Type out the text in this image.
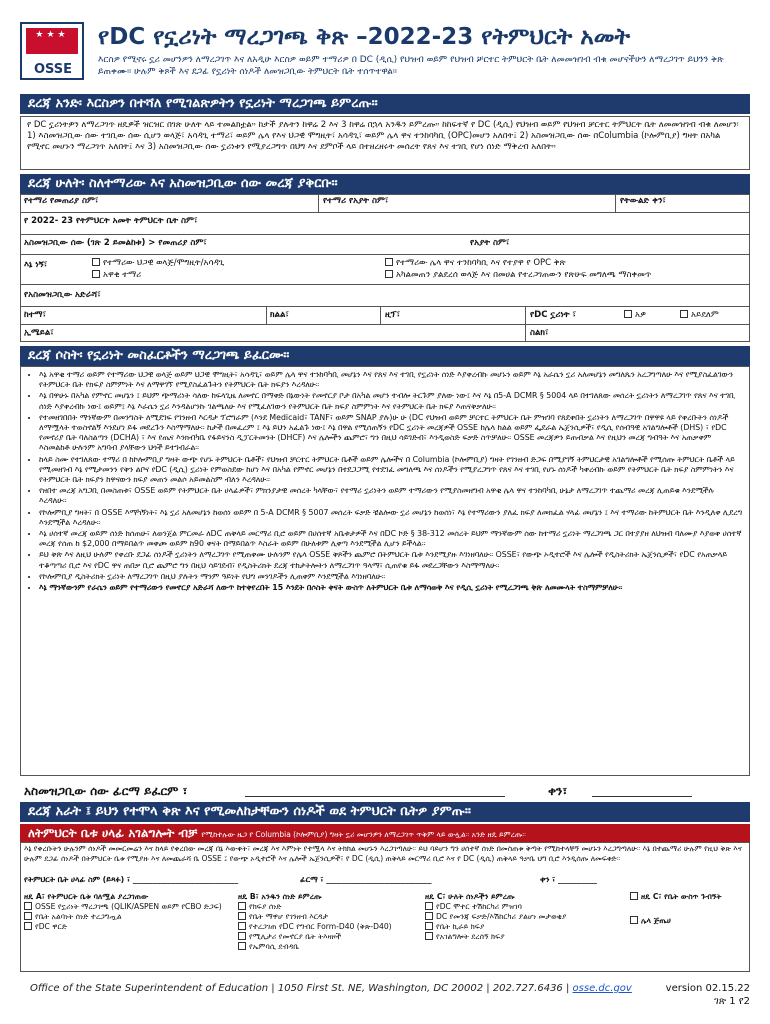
★★★
OSSE
የDC የኗሪነት ማረጋገጫ ቅጽ –2022-23 የትምህርት አመት
እርስዎ የሚኖሩ ኗሪ መሆንዎን ለማረጋገጥ እና ለአዲሁ እርስዎ ወይም ተማሪዎ በ DC (ዲሲ) የህዝብ ወይም የህዝብ ቻርተር ትምህርት ቤት ለመመዝገብ ብቁ መሆናችሁን ለማረጋገጥ ይህንን ቅጽ ይጠቀሙ። ሁሉም ቅጾች እና ደጋፊ የኗሪነት ሰነዶች ለመዝጋቢው ትምህርት ቤት ተሰጥተዋል።
ደረጃ አንድ፡ እርስዎን በተሻለ የሚገልጽዎትን የኗሪነት ማረጋገጫ ይምረጡ።
የ DC ኗሪነትዎን ለማረጋገጥ ዘዴዎች ዝርዝር በገጽ ሁለት ላይ ተመልክቷል። ከታች ያሉትን ከዋሬ 2 እና 3 ከዋሬ በኋላ አንዱን ይምረጡ። ከከፍተኛ የ DC (ዲሲ) የህዝብ ወይም የህዝብ ቻርተር ትምህርት ቤት ለመመዝገብ ብቁ ለመሆን፡ 1) እስመዝጋቢው ሰው ተገቢው ሰው ሲሆን ወላጅ፣ አሳዳጊ ተማሪ፣ ወይም ሌላ የእና ህጋዊ ሞግዚት፣ አሳዳጊ፣ ወይም ሌላ ዋና ተንከባካቢ (OPC)መሆን አለበት፤ 2) አስመዝጋቢው ሰው በColumbia (ኮሎምቢያ) ግዛት በአካል የሚኖር መሆኑን ማረጋገጥ አለበት፤ እና 3) አስመዝጋቢው ሰው ኗሪነቱን የሚያረጋግጥ በህግ እና ደምቦች ላይ በተዘረዘሩት መሰረት የጸና እና ተገቢ የሆነ ሰነድ ማቅረብ አለበት።
ደረጃ ሁለት፡ ስለተማሪው እና አስመዝጋቢው ሰው መረጃ ያቅርቡ።
የተማሪ የመጠሪያ ስም፣	የተማሪ የአያት ስም፣	የትውልድ ቀን፣
የ 2022- 23 የትምህርት አመት ትምህርት ቤት ስም፣
አስመዝጋቢው ሰው (ገጽ 2 ይመልከቱ) > የመጠሪያ ስም፣	የአያት ስም፣
እኔ ነኝ፣	የተማሪው ህጋዊ ወላጅ/ሞግዚት/አሳዳጊ
አዋቂ ተማሪ
የተማሪው ሌላ ዋና ተንከባካቢ እና የተያዋ የ OPC ቅጽ
አካልመጠን ያልደረሰ ወላጅ እና በመሀል የተረጋገጠውን የጽሁፍ መግለጫ ማስቀመጥ
የአስመዝጋቢው አድራሻ፣
ከተማ፣	ክልል፣	ዚፕ፣	የDC ኗሪነት ፣	አዎ	አይደለም
ኢሜይል፣	ስልክ፣
ደረጃ ሶስት፡ የኗሪነት መስፈርቶችን ማረጋገጫ ይፈርሙ።
• እኔ አዋቂ ተማሪ ወይም የተማሪው ህጋዊ ወላጅ ወይም ህጋዊ ሞግዚት፣ አሳዳጊ፣ ወይም ሌላ ዋና ተንከባካቢ መሆኔን እና የጸና እና ተገቢ የኗሪነት ሰነድ እያቀረብኩ መሆኑን ወይም እኔ አራሴን ኗሪ አለመሆኔን መግለጼን አረጋግጣለሁ እና የሚያስፈልገውን የትምህርት ቤት የክፍያ ስምምነት እና ለማዋገኘ የሚያስፈልጉትን የትምህርት ቤት ክፍያን እረዳለሁ።
• እኔ በዋሁኑ በአካል የምኖር መሆኔን ፤ ይህም ጭማሪነት ሳለው ከፍላጊዜ ለመኖር በማቀድ በኔውነት የመኖርያ ቦታ በአካል መሆን ተብሎ ትርጉም ያለው ነው፤ እና እኔ በ5-A DCMR § 5004 ላይ በተገለጸው መሰረት ኗሪነትን ለማረጋገጥ የጸና እና ተገቢ ሰነድ እያቀረብኩ ነው፤ ወይም፤ እኔ እራሴን ኗሪ እንዳልሆንኩ ገልጫለሁ እና የሚፈለገውን የትምህርት ቤት ክፍያ ስምምነት እና የትምህርት ቤት ክፍያ እጠናቅቃለሁ።
• የተመዘገበበት ማንኛውም በመንግስት ለሚደገፍ የገንዘብ እርዳታ ፕሮግራም (እንደ Medicaid፣ TANF፣ ወይም SNAP ያሉ)ሁ ሁ (DC የህዝብ ወይም ቻርተር ትምህርት ቤት ምዝገባ የጸደቀበት ኗሪነትን ለማረጋገጥ በዋዋዩ ላይ የቀረቡትን ሰነዶች ለማሟላት ተወስኖልኝ እንደሆነ ይፋ መደረጉን እስማማለሁ። ከታች በመፈረም ፤ እኔ ይህን አፈልጉ ነው፤ እኔ በዋል የሚሰጠኝን የDC ኗሪነት መረጃዎች OSSE ከሌላ ከልል ወይም ፌደራል ኤጀንሲዎች፣ የዲሲ የሰብዓዊ አገልግሎቶች (DHS) ፣ የDC የመኖሪያ ቤት ባለስልጣን (DCHA) ፣ እና የጤና እንክብካቤ የፋይናንስ ዲፓርትመንት (DHCF) እና ሌሎችን ጨምሮ፣ ግን በዚህ ሳይገድብ፣ እንዲወስድ ፍቃድ ስጥቻለሁ። OSSE መረጃዎን ይጠብቃል እና የዚህን መረጃ ግብዓት እና አጠቃቀም እስመልከቶ ሁሉንም አግባብ ያላቸውን ህጎች ይተገብራል።
• ከላይ ስሙ የተገለጸው ተማሪ በ ከኮሎምቢያ ግዛት ውጭ የሆኑ ትምህርት ቤቶች፣ የህዝብ ቻርተር ትምህርት ቤቶች ወይም ሌሎችና በ Columbia (ኮሎምቢያ) ግዛት የገንዘብ ድጋፍ በሚያገኝ ትምህርታዊ አገልግሎቶች የሚሰጡ ትምህርት ቤቶች ላይ የሚመዘገብ እኔ የሚታመንን የቅን ልቦና የDC (ዲሲ) ኗሪነት የምወስደው ከሆነ እና በአካል የምኖር መሆኔን በተደጋጋሚ የተደገፈ መግለጫ እና ሰነዶችን የሚያረጋግጥ የጸና እና ተገቢ የሆኑ ሰነዶች ካቀረብኩ ወይም የትምህርት ቤት ክፍያ ስምምነትን እና የትምህርት ቤት ክፍያን ከዋናውን ክፍያ መጠን መልሶ አይመልስም ብለን እረዳለሁ።
• የዘበተ መረጃ አግጋቢ በመስጠቱ፣ OSSE ወይም የትምህርት ቤት ሀላፊዎች፣ ምክንያታዊ መሰረት ካላቸው፣ የተማሪ ኗሪነትን ወይም ተማሪውን የሚያስመዘግብ አዋቂ ሌላ ዋና ተንከባካቢ ሁኔታ ለማረጋገጥ ተጨማሪ መረጃ ሊጠይቁ እንደሚችሉ እረዳለሁ።
• የኮሎምቢያ ግዛት፣ በ OSSE እማካኝነት፣ እኔ ኗሪ አለመሆኔን ከወሰነ ወይም በ 5-A DCMR § 5007 መሰረት ፍቃድ ቼልሎው ኗሪ መሆኔን ከወሰነ፣ እኔ የተማሪውን ያለፈ ክፍያ ለመክፈል ሃላፊ መሆኔን ፤ እና ተማሪው ከትምህርት ቤት እንዲለቀ ሊደረግ እንደሚችል እረዳለሁ።
• እኔ ሀሰተኛ መረጃ ወይም ሰነድ ከሰጠሁ፣ ለወንጀል ምርመራ ለDC ጠቅላይ መርማሪ ቢሮ ወይም በሀሰተኛ አቤቱታዎች እና በDC ኮድ § 38-312 መሰረት ይህም ማንኛውም ሰው ከተማሪ ኗሪነት ማረጋገጫ ጋር በተያያዘ ለህዝብ ባለሙያ እያወቀ ሀሰተኛ መረጃ የሰጠ ከ $2,000 በማይበልጥ መቀጮ ወይም ከ90 ቀናት በማይበልጥ እስራት ወይም በሁለቱም ሊቀጣ እንደሚችል ሊሆን ይችላል።
• ይህ ቅጽ እና ለዚህ ሁሉም የቀረቡ ደጋፊ ሰነዶች ኗሪነትን ለማረጋገጥ የሚጠቀሙ ሁሉንም የሌላ OSSE ቅጾችን ጨምሮ በትምህርት ቤቱ እንደሚያዙ እገነዘባለሁ። OSSE፣ የውጭ ኦዲተሮች እና ሌሎች የዲስትሪክት ኤጀንሲዎች፣ የDC የአጠቃላይ ተቆጣጣሪ ቢሮ እና የDC ዋና ጠበቃ ቢሮ ጨምሮ ግን በዚህ ሳይገደብ፣ የዲስትሪክት ደረጃ ተከታትሎትን ለማረጋገጥ ዓላማ፣ ሲጠየቁ ይፋ መደረጋቸውን እስማማለሁ።
• የኮሎምቢያ ዲስትሪክት ኗሪነት ለማረጋገጥ በዚህ ያሉትን ማንም ዓይነት የህግ መንገዶችን ሊጠቀም እንደሚችል እገነዘባለሁ።
• እኔ ማንኛውንም የራሴን ወይም የተማሪውን የመኖርያ አድራሻ ለውጥ ከተቀየረበት 15 እንደት በሶስት ቀናት ውስጥ ለትምህርት ቤቱ ለማሳወቅ እና የዲሲ ኗሪነት የሚረጋገጫ ቅጽ ለመሙላት ተስማምቻለሁ።
አስመዝጋቢው ሰው ፊርማ ይፈርም ፣	ቀን፣
ደረጃ አራት ፤ ይህን የተሞላ ቅጽ እና የሚመለከታቸውን ሰነዶች ወደ ትምህርት ቤትዎ ያምጡ።
ለትምህርት ቤቱ ሀላፊ አገልግሎት ብቻ የሚከተሉው ዜጋ የ Columbia (ኮሎምቢያ) ግዛት ኗሪ መሆንዎን ለማረጋገጥ ጥቅም ላይ ውሏል። አንድ ዘዴ ይምረጡ።
እኔ የቀረቡትን ሁሉንም ሰነዶች መመርመሬን እና ከላይ የቀረበው መረጃ በኔ እውቀት፣ መረጃ እና እምነት የተሟላ እና ትክክል መሆኑን እረጋገጣለሁ። ይህ ባይሆን ግን ሀሰተኛ ሰነድ በመስጠቱ ቅጣት የሚከተላቸኝ መሆኑን እረጋግጣለሁ። እኔ በተጨማሪ ሁሉም የዚህ ቅጽ እና ሁሉም ደጋፊ ሰነዶች በትምህርት ቤቱ የሚያዙ እና ለመጨራሻ ቤ OSSE ፤ የውጭ ኦዲተሮች እና ሌሎች ኤጀንሲዎች፣ የ DC (ዲሲ) ጠቅላይ መርማሪ ቢሮ እና የ DC (ዲሲ) ጠቅላይ ዓቃቤ ህግ ቢሮ እንዲሰጡ ለመፍቀድ።
የትምህርት ቤት ሀላፊ ስም (ይጻፉ) ፣ ___________________________	ፊርማ ፣ ___________________________	ቀን ፣ __________
ዘዴ A፣ የትምህርት ቤቱ ባለሟል ያረጋገጠው
OSSE የኗሪነት ማረጋገጫ (QLIK/ASPEN ወይም የCBO ድጋፍ)
የቤት አልባነት ሰነድ ተረጋግጧል
የDC ዋርድ
ዘዴ B፣ አንዱን ሰነድ ይምረጡ
የክፍያ ሰነድ
የቤት ማዋሆ የገንዘብ እርዳታ
የተረጋገጠ የDC የግብር Form-D40 (ቅጽ-D40)
የሚሊታሪ የመኖርያ ቤት ትእዛዞች
የኤምባሲ ደብዳቤ
ዘዴ C፣ ሁለት ሰነዶችን ይምረጡ
የDC ሞተር ተሽከርካሪ ምዝገባ
DC የመንጃ ፍቃድ/እሽከርካሪ ያልሆነ መታወቂያ
የቤት ኪራይ ክፍያ
የአገልግሎት ደረሰኝ ክፍያ
ዘዴ C፣ የቤት ውስጥ ጉብኝት
ሌላ ጅጤሀ
Office of the State Superintendent of Education | 1050 First St. NE, Washington, DC 20002 | 202.727.6436 | osse.dc.gov	version 02.15.22
ገጽ 1 የ2
